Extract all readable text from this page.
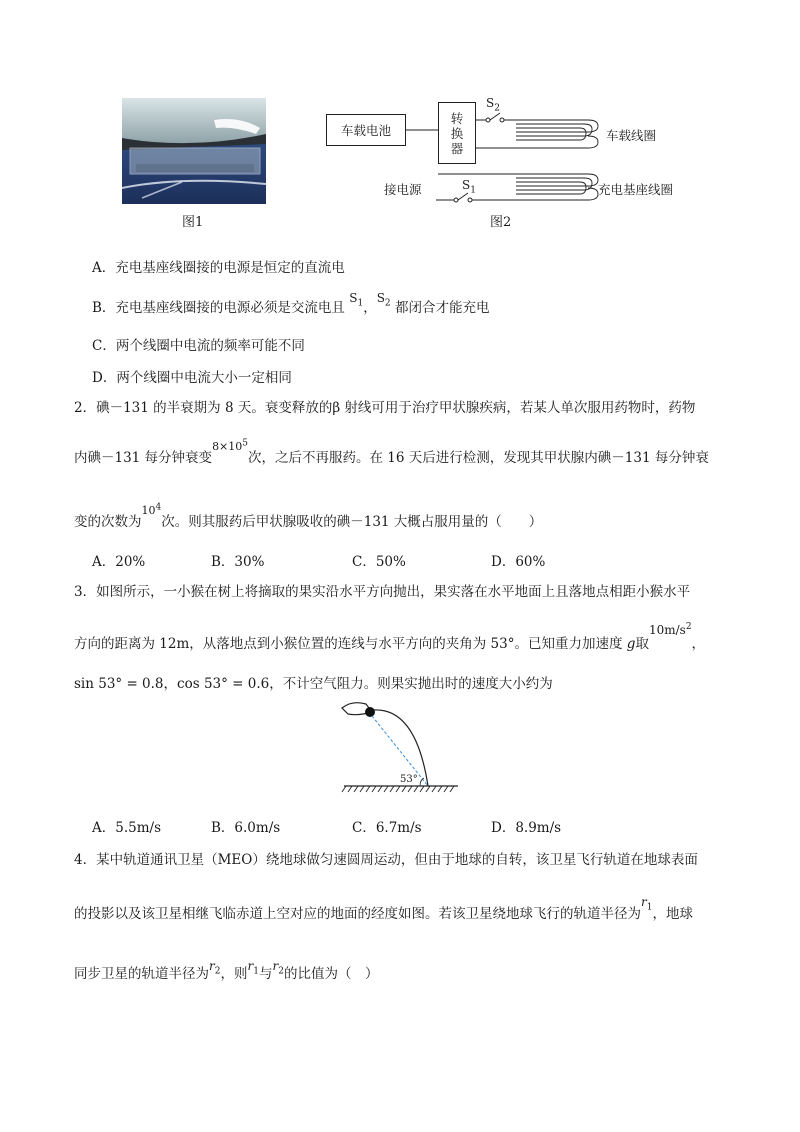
图1
车载电池
转
换
器
$S_2$
车载线圈
接电源	$S_1$	充电基座线圈
图2
A．充电基座线圈接的电源是恒定的直流电
B．充电基座线圈接的电源必须是交流电且 $S_1$，$S_2$ 都闭合才能充电
C．两个线圈中电流的频率可能不同
D．两个线圈中电流大小一定相同
2．碘－131 的半衰期为 8 天。衰变释放的β 射线可用于治疗甲状腺疾病，若某人单次服用药物时，药物
内碘－131 每分钟衰变$^{8\times 10^5}$次，之后不再服药。在 16 天后进行检测，发现其甲状腺内碘－131 每分钟衰
变的次数为$^{10^4}$次。则其服药后甲状腺吸收的碘－131 大概占服用量的（　　）
A．20%	B．30%	C．50%	D．60%
3．如图所示，一小猴在树上将摘取的果实沿水平方向抛出，果实落在水平地面上且落地点相距小猴水平
方向的距离为 12m，从落地点到小猴位置的连线与水平方向的夹角为 53°。已知重力加速度 g取$10m/s^2$，
sin 53° = 0.8，cos 53° = 0.6，不计空气阻力。则果实抛出时的速度大小约为
53°
A．5.5m/s	B．6.0m/s	C．6.7m/s	D．8.9m/s
4．某中轨道通讯卫星（MEO）绕地球做匀速圆周运动，但由于地球的自转，该卫星飞行轨道在地球表面
的投影以及该卫星相继飞临赤道上空对应的地面的经度如图。若该卫星绕地球飞行的轨道半径为$r_1$，地球
同步卫星的轨道半径为$r_2$，则$r_1$与$r_2$的比值为（　）
